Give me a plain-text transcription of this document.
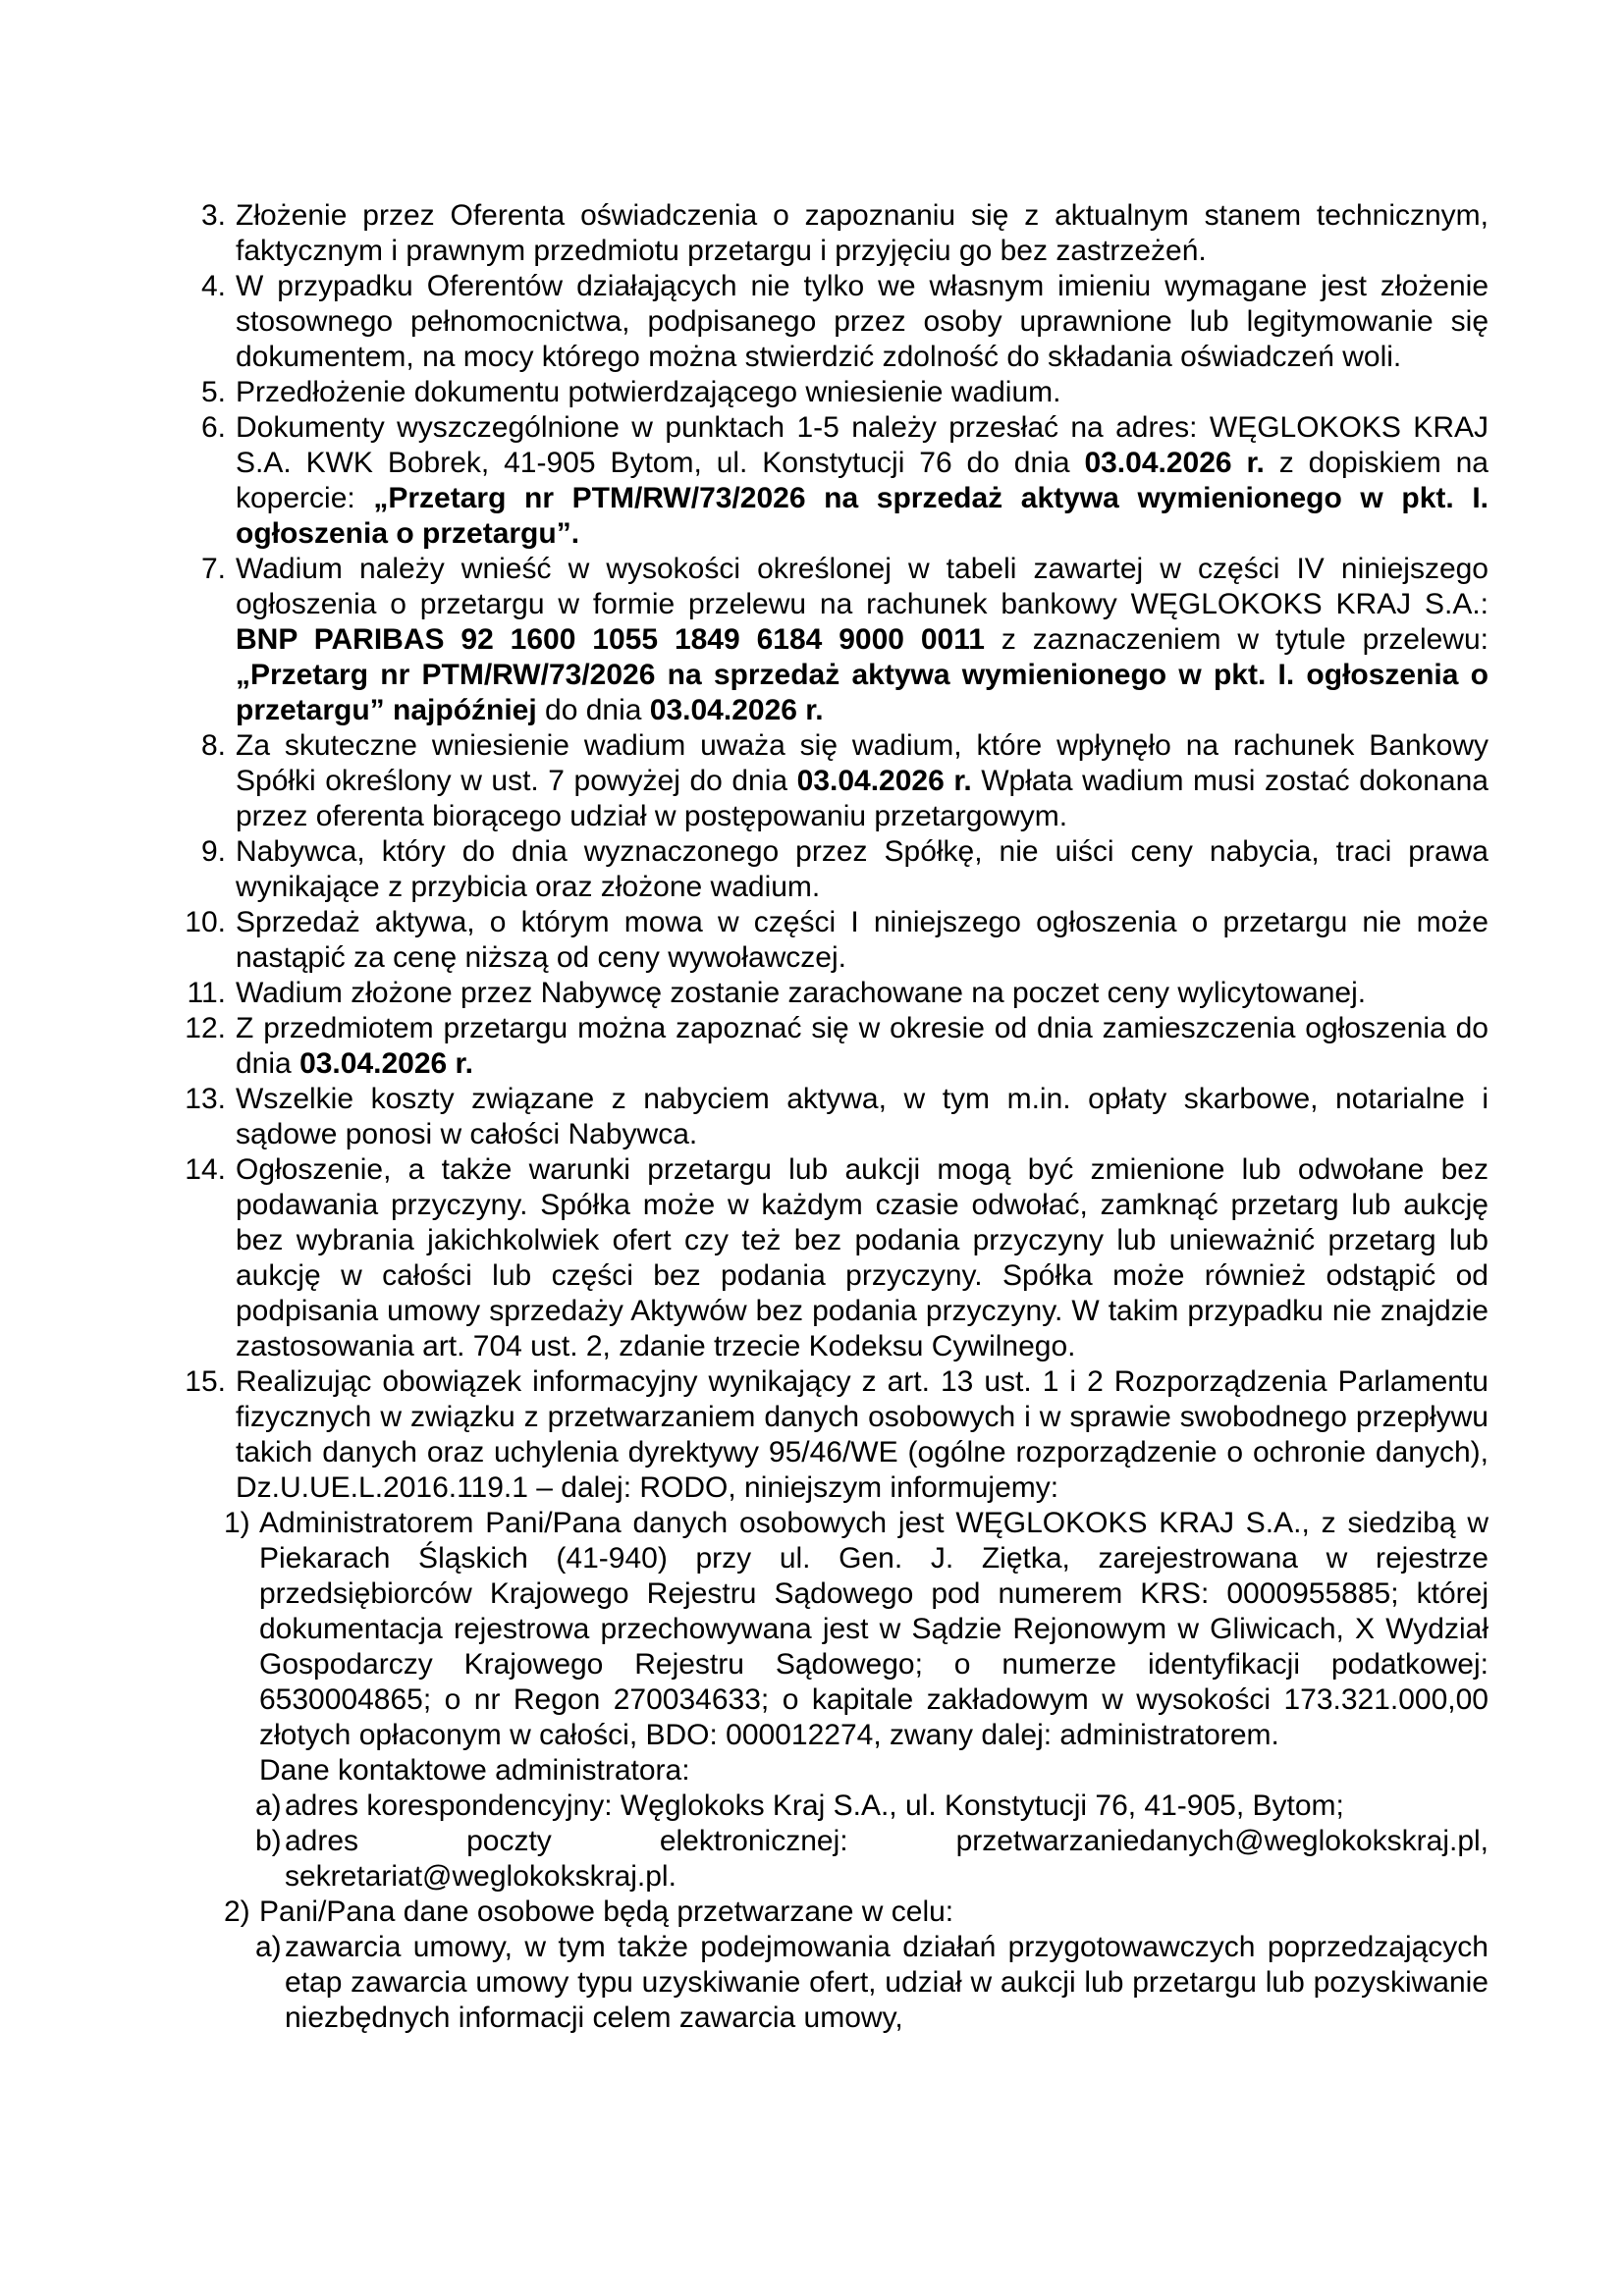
3. Złożenie przez Oferenta oświadczenia o zapoznaniu się z aktualnym stanem technicznym, faktycznym i prawnym przedmiotu przetargu i przyjęciu go bez zastrzeżeń.
4. W przypadku Oferentów działających nie tylko we własnym imieniu wymagane jest złożenie stosownego pełnomocnictwa, podpisanego przez osoby uprawnione lub legitymowanie się dokumentem, na mocy którego można stwierdzić zdolność do składania oświadczeń woli.
5. Przedłożenie dokumentu potwierdzającego wniesienie wadium.
6. Dokumenty wyszczególnione w punktach 1-5 należy przesłać na adres: WĘGLOKOKS KRAJ S.A. KWK Bobrek, 41-905 Bytom, ul. Konstytucji 76 do dnia 03.04.2026 r. z dopiskiem na kopercie: „Przetarg nr PTM/RW/73/2026 na sprzedaż aktywa wymienionego w pkt. I. ogłoszenia o przetargu”.
7. Wadium należy wnieść w wysokości określonej w tabeli zawartej w części IV niniejszego ogłoszenia o przetargu w formie przelewu na rachunek bankowy WĘGLOKOKS KRAJ S.A.: BNP PARIBAS 92 1600 1055 1849 6184 9000 0011 z zaznaczeniem w tytule przelewu: „Przetarg nr PTM/RW/73/2026 na sprzedaż aktywa wymienionego w pkt. I. ogłoszenia o przetargu” najpóźniej do dnia 03.04.2026 r.
8. Za skuteczne wniesienie wadium uważa się wadium, które wpłynęło na rachunek Bankowy Spółki określony w ust. 7 powyżej do dnia 03.04.2026 r. Wpłata wadium musi zostać dokonana przez oferenta biorącego udział w postępowaniu przetargowym.
9. Nabywca, który do dnia wyznaczonego przez Spółkę, nie uiści ceny nabycia, traci prawa wynikające z przybicia oraz złożone wadium.
10. Sprzedaż aktywa, o którym mowa w części I niniejszego ogłoszenia o przetargu nie może nastąpić za cenę niższą od ceny wywoławczej.
11. Wadium złożone przez Nabywcę zostanie zarachowane na poczet ceny wylicytowanej.
12. Z przedmiotem przetargu można zapoznać się w okresie od dnia zamieszczenia ogłoszenia do dnia 03.04.2026 r.
13. Wszelkie koszty związane z nabyciem aktywa, w tym m.in. opłaty skarbowe, notarialne i sądowe ponosi w całości Nabywca.
14. Ogłoszenie, a także warunki przetargu lub aukcji mogą być zmienione lub odwołane bez podawania przyczyny. Spółka może w każdym czasie odwołać, zamknąć przetarg lub aukcję bez wybrania jakichkolwiek ofert czy też bez podania przyczyny lub unieważnić przetarg lub aukcję w całości lub części bez podania przyczyny. Spółka może również odstąpić od podpisania umowy sprzedaży Aktywów bez podania przyczyny. W takim przypadku nie znajdzie zastosowania art. 704 ust. 2, zdanie trzecie Kodeksu Cywilnego.
15. Realizując obowiązek informacyjny wynikający z art. 13 ust. 1 i 2 Rozporządzenia Parlamentu fizycznych w związku z przetwarzaniem danych osobowych i w sprawie swobodnego przepływu takich danych oraz uchylenia dyrektywy 95/46/WE (ogólne rozporządzenie o ochronie danych), Dz.U.UE.L.2016.119.1 – dalej: RODO, niniejszym informujemy:
1) Administratorem Pani/Pana danych osobowych jest WĘGLOKOKS KRAJ S.A., z siedzibą w Piekarach Śląskich (41-940) przy ul. Gen. J. Ziętka, zarejestrowana w rejestrze przedsiębiorców Krajowego Rejestru Sądowego pod numerem KRS: 0000955885; której dokumentacja rejestrowa przechowywana jest w Sądzie Rejonowym w Gliwicach, X Wydział Gospodarczy Krajowego Rejestru Sądowego; o numerze identyfikacji podatkowej: 6530004865; o nr Regon 270034633; o kapitale zakładowym w wysokości 173.321.000,00 złotych opłaconym w całości, BDO: 000012274, zwany dalej: administratorem.
Dane kontaktowe administratora:
a) adres korespondencyjny: Węglokoks Kraj S.A., ul. Konstytucji 76, 41-905, Bytom;
b) adres poczty elektronicznej: przetwarzaniedanych@weglokokskraj.pl, sekretariat@weglokokskraj.pl.
2) Pani/Pana dane osobowe będą przetwarzane w celu:
a) zawarcia umowy, w tym także podejmowania działań przygotowawczych poprzedzających etap zawarcia umowy typu uzyskiwanie ofert, udział w aukcji lub przetargu lub pozyskiwanie niezbędnych informacji celem zawarcia umowy,
